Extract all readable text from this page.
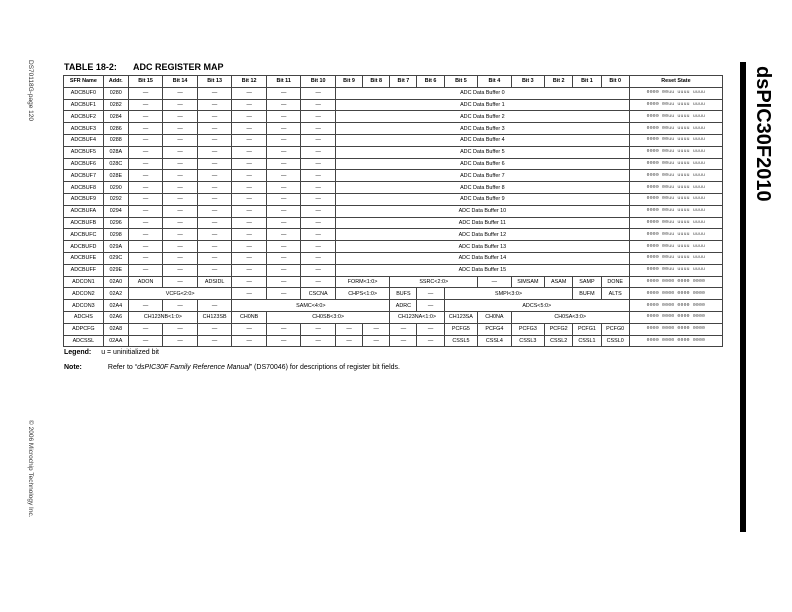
DS70118G-page 120
© 2006 Microchip Technology Inc.
dsPIC30F2010
TABLE 18-2: ADC REGISTER MAP
SFR Name	Addr.	Bit 15	Bit 14	Bit 13	Bit 12	Bit 11	Bit 10	Bit 9	Bit 8	Bit 7	Bit 6	Bit 5	Bit 4	Bit 3	Bit 2	Bit 1	Bit 0	Reset State
ADCBUF0	0280	—	—	—	—	—	—	ADC Data Buffer 0										0000 00uu uuuu uuuu
ADCBUF1	0282	—	—	—	—	—	—	ADC Data Buffer 1										0000 00uu uuuu uuuu
ADCBUF2	0284	—	—	—	—	—	—	ADC Data Buffer 2										0000 00uu uuuu uuuu
ADCBUF3	0286	—	—	—	—	—	—	ADC Data Buffer 3										0000 00uu uuuu uuuu
ADCBUF4	0288	—	—	—	—	—	—	ADC Data Buffer 4										0000 00uu uuuu uuuu
ADCBUF5	028A	—	—	—	—	—	—	ADC Data Buffer 5										0000 00uu uuuu uuuu
ADCBUF6	028C	—	—	—	—	—	—	ADC Data Buffer 6										0000 00uu uuuu uuuu
ADCBUF7	028E	—	—	—	—	—	—	ADC Data Buffer 7										0000 00uu uuuu uuuu
ADCBUF8	0290	—	—	—	—	—	—	ADC Data Buffer 8										0000 00uu uuuu uuuu
ADCBUF9	0292	—	—	—	—	—	—	ADC Data Buffer 9										0000 00uu uuuu uuuu
ADCBUFA	0294	—	—	—	—	—	—	ADC Data Buffer 10										0000 00uu uuuu uuuu
ADCBUFB	0296	—	—	—	—	—	—	ADC Data Buffer 11										0000 00uu uuuu uuuu
ADCBUFC	0298	—	—	—	—	—	—	ADC Data Buffer 12										0000 00uu uuuu uuuu
ADCBUFD	029A	—	—	—	—	—	—	ADC Data Buffer 13										0000 00uu uuuu uuuu
ADCBUFE	029C	—	—	—	—	—	—	ADC Data Buffer 14										0000 00uu uuuu uuuu
ADCBUFF	029E	—	—	—	—	—	—	ADC Data Buffer 15										0000 00uu uuuu uuuu
ADCON1	02A0	ADON	—	ADSIDL	—	—	—	FORM<1:0>		SSRC<2:0>			—	SIMSAM	ASAM	SAMP	DONE	0000 0000 0000 0000
ADCON2	02A2	VCFG<2:0>			—	—	CSCNA	CHPS<1:0>		BUFS	—	SMPI<3:0>				BUFM	ALTS	0000 0000 0000 0000
ADCON3	02A4	—	—	—	SAMC<4:0>					ADRC	—	ADCS<5:0>						0000 0000 0000 0000
ADCHS	02A6	CH123NB<1:0>		CH123SB	CH0NB	CH0SB<3:0>				CH123NA<1:0>		CH123SA	CH0NA	CH0SA<3:0>				0000 0000 0000 0000
ADPCFG	02A8	—	—	—	—	—	—	—	—	—	—	PCFG5	PCFG4	PCFG3	PCFG2	PCFG1	PCFG0	0000 0000 0000 0000
ADCSSL	02AA	—	—	—	—	—	—	—	—	—	—	CSSL5	CSSL4	CSSL3	CSSL2	CSSL1	CSSL0	0000 0000 0000 0000
Legend: u = uninitialized bit
Note:	Refer to “dsPIC30F Family Reference Manual” (DS70046) for descriptions of register bit fields.
